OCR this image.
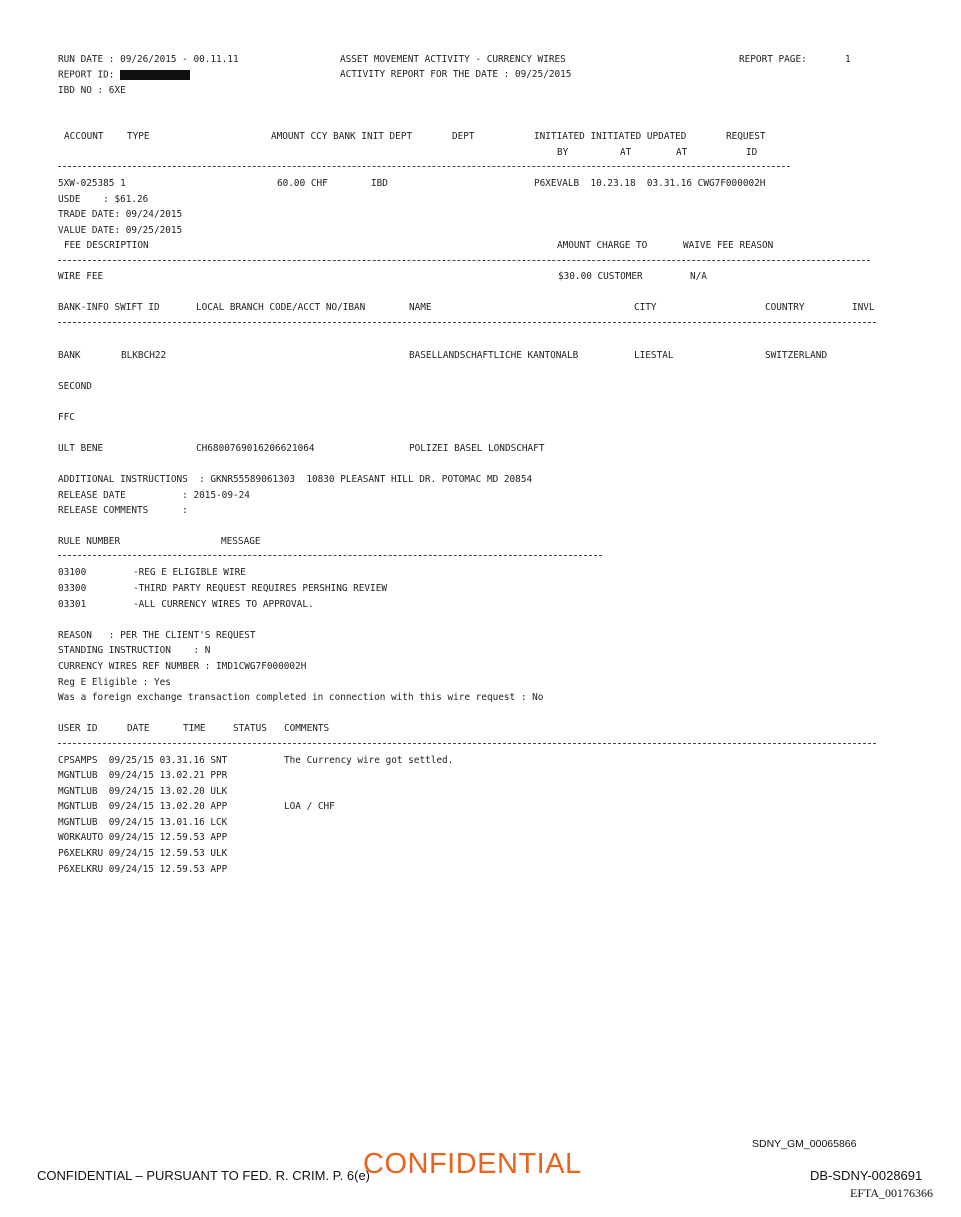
RUN DATE : 09/26/2015 - 00.11.11
REPORT ID:
IBD NO : 6XE
ASSET MOVEMENT ACTIVITY - CURRENCY WIRES
ACTIVITY REPORT FOR THE DATE : 09/25/2015
REPORT PAGE:	1
ACCOUNT TYPE	AMOUNT CCY BANK INIT DEPT	DEPT	INITIATED INITIATED UPDATED	REQUEST
BY	AT	AT	ID
5XW-025385 1	60.00 CHF	IBD	P6XEVALB  10.23.18  03.31.16 CWG7F000002H
USDE    : $61.26
TRADE DATE: 09/24/2015
VALUE DATE: 09/25/2015
FEE DESCRIPTION	AMOUNT CHARGE TO	WAIVE FEE REASON
WIRE FEE	$30.00 CUSTOMER	N/A
BANK-INFO SWIFT ID	LOCAL BRANCH CODE/ACCT NO/IBAN	NAME	CITY	COUNTRY	INVL
BANK	BLKBCH22	BASELLANDSCHAFTLICHE KANTONALB	LIESTAL	SWITZERLAND
SECOND
FFC
ULT BENE	CH6800769016206621064	POLIZEI BASEL LONDSCHAFT
ADDITIONAL INSTRUCTIONS  : GKNR55589061303  10830 PLEASANT HILL DR. POTOMAC MD 20854
RELEASE DATE          : 2015-09-24
RELEASE COMMENTS      :
RULE NUMBER	MESSAGE
03100	-REG E ELIGIBLE WIRE
03300	-THIRD PARTY REQUEST REQUIRES PERSHING REVIEW
03301	-ALL CURRENCY WIRES TO APPROVAL.
REASON   : PER THE CLIENT'S REQUEST
STANDING INSTRUCTION    : N
CURRENCY WIRES REF NUMBER : IMD1CWG7F000002H
Reg E Eligible : Yes
Was a foreign exchange transaction completed in connection with this wire request : No
USER ID	DATE	TIME	STATUS COMMENTS
CPSAMPS  09/25/15 03.31.16 SNT	The Currency wire got settled.
MGNTLUB  09/24/15 13.02.21 PPR
MGNTLUB  09/24/15 13.02.20 ULK
MGNTLUB  09/24/15 13.02.20 APP	LOA / CHF
MGNTLUB  09/24/15 13.01.16 LCK
WORKAUTO 09/24/15 12.59.53 APP
P6XELKRU 09/24/15 12.59.53 ULK
P6XELKRU 09/24/15 12.59.53 APP
SDNY_GM_00065866
CONFIDENTIAL – PURSUANT TO FED. R. CRIM. P. 6(e)
CONFIDENTIAL	DB-SDNY-0028691
EFTA_00176366
